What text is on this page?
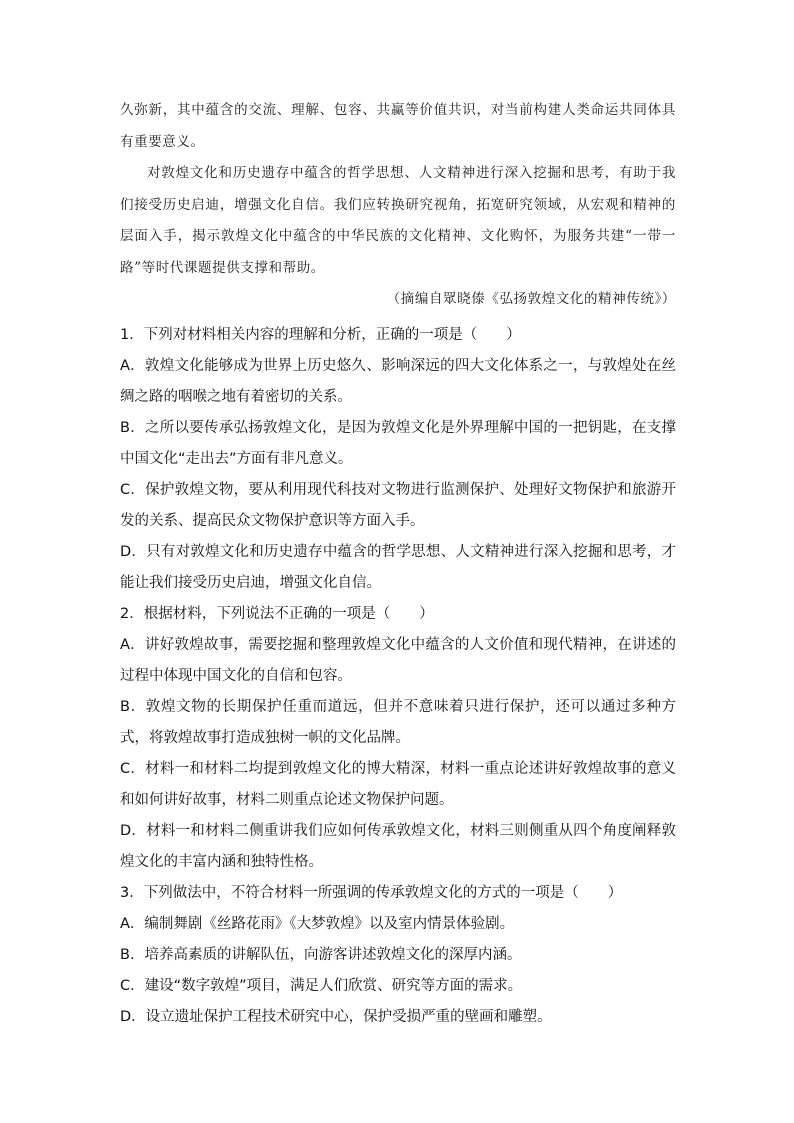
久弥新，其中蕴含的交流、理解、包容、共赢等价值共识，对当前构建人类命运共同体具有重要意义。

对敦煌文化和历史遗存中蕴含的哲学思想、人文精神进行深入挖掘和思考，有助于我们接受历史启迪，增强文化自信。我们应转换研究视角，拓宽研究领域，从宏观和精神的层面入手，揭示敦煌文化中蕴含的中华民族的文化精神、文化购怀，为服务共建“一带一路”等时代课题提供支撑和帮助。

（摘编自眾晓傣《弘扬敦煌文化的精神传统》）

1．下列对材料相关内容的理解和分析，正确的一项是（　　）

A．敦煌文化能够成为世界上历史悠久、影响深远的四大文化体系之一，与敦煌处在丝绸之路的咽喉之地有着密切的关系。

B．之所以要传承弘扬敦煌文化，是因为敦煌文化是外界理解中国的一把钥匙，在支撑中国文化“走出去”方面有非凡意义。

C．保护敦煌文物，要从利用现代科技对文物进行监测保护、处理好文物保护和旅游开发的关系、提高民众文物保护意识等方面入手。

D．只有对敦煌文化和历史遗存中蕴含的哲学思想、人文精神进行深入挖掘和思考，才能让我们接受历史启迪，增强文化自信。

2．根据材料，下列说法不正确的一项是（　　）

A．讲好敦煌故事，需要挖掘和整理敦煌文化中蕴含的人文价值和现代精神，在讲述的过程中体现中国文化的自信和包容。

B．敦煌文物的长期保护任重而道远，但并不意味着只进行保护，还可以通过多种方式，将敦煌故事打造成独树一帜的文化品牌。

C．材料一和材料二均提到敦煌文化的博大精深，材料一重点论述讲好敦煌故事的意义和如何讲好故事，材料二则重点论述文物保护问题。

D．材料一和材料二侧重讲我们应如何传承敦煌文化，材料三则侧重从四个角度阐释敦煌文化的丰富内涵和独特性格。

3．下列做法中，不符合材料一所强调的传承敦煌文化的方式的一项是（　　）

A．编制舞剧《丝路花雨》《大梦敦煌》以及室内情景体验剧。

B．培养高素质的讲解队伍，向游客讲述敦煌文化的深厚内涵。

C．建设“数字敦煌”项目，满足人们欣赏、研究等方面的需求。

D．设立遗址保护工程技术研究中心，保护受损严重的壁画和雕塑。
